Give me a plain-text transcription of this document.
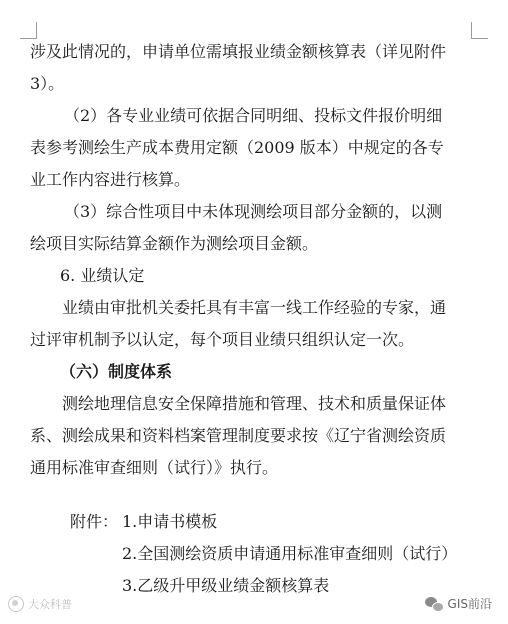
涉及此情况的，申请单位需填报业绩金额核算表（详见附件
3）。
（2）各专业业绩可依据合同明细、投标文件报价明细
表参考测绘生产成本费用定额（2009 版本）中规定的各专
业工作内容进行核算。
（3）综合性项目中未体现测绘项目部分金额的，以测
绘项目实际结算金额作为测绘项目金额。
6. 业绩认定
业绩由审批机关委托具有丰富一线工作经验的专家，通
过评审机制予以认定，每个项目业绩只组织认定一次。
（六）制度体系
测绘地理信息安全保障措施和管理、技术和质量保证体
系、测绘成果和资料档案管理制度要求按《辽宁省测绘资质
通用标准审查细则（试行）》执行。
附件： 1.申请书模板
2.全国测绘资质申请通用标准审查细则（试行）
3.乙级升甲级业绩金额核算表
大众科普	GIS前沿
